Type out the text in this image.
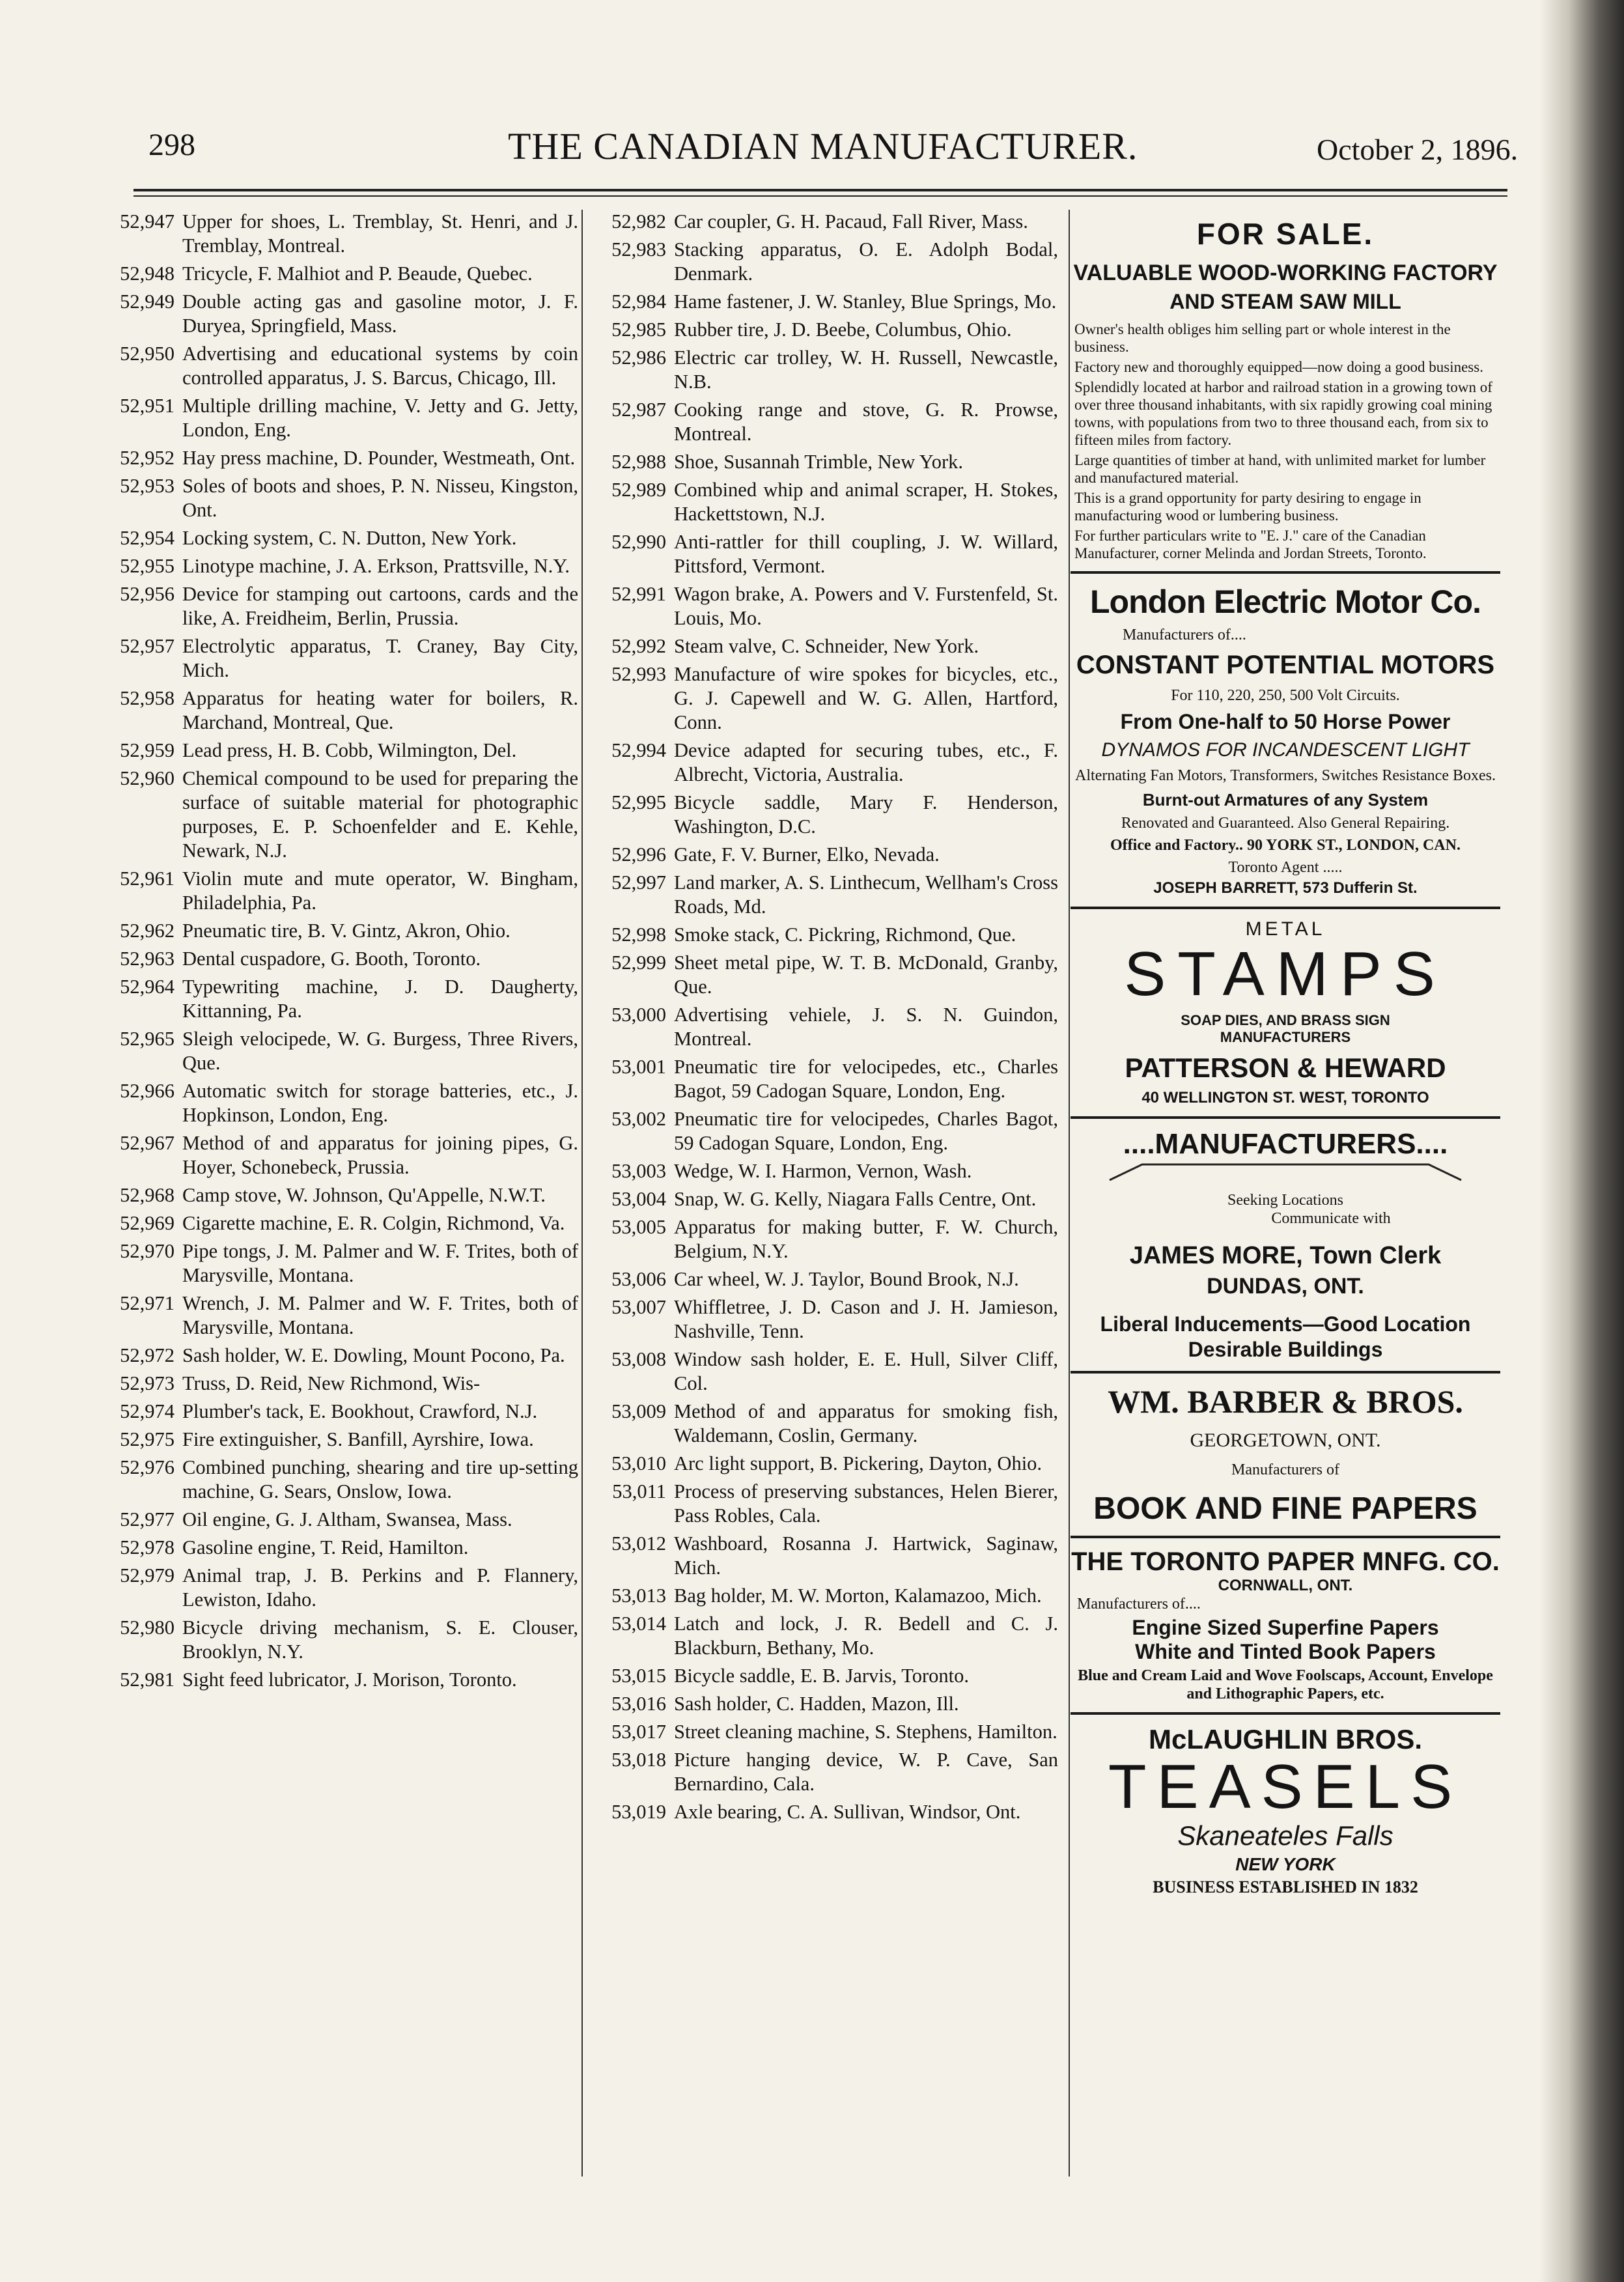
298	THE CANADIAN MANUFACTURER.	October 2, 1896.
52,947 Upper for shoes, L. Tremblay, St. Henri, and J. Tremblay, Montreal.
52,948 Tricycle, F. Malhiot and P. Beaude, Quebec.
52,949 Double acting gas and gasoline motor, J. F. Duryea, Springfield, Mass.
52,950 Advertising and educational systems by coin controlled apparatus, J. S. Barcus, Chicago, Ill.
52,951 Multiple drilling machine, V. Jetty and G. Jetty, London, Eng.
52,952 Hay press machine, D. Pounder, Westmeath, Ont.
52,953 Soles of boots and shoes, P. N. Nisseu, Kingston, Ont.
52,954 Locking system, C. N. Dutton, New York.
52,955 Linotype machine, J. A. Erkson, Prattsville, N.Y.
52,956 Device for stamping out cartoons, cards and the like, A. Freidheim, Berlin, Prussia.
52,957 Electrolytic apparatus, T. Craney, Bay City, Mich.
52,958 Apparatus for heating water for boilers, R. Marchand, Montreal, Que.
52,959 Lead press, H. B. Cobb, Wilmington, Del.
52,960 Chemical compound to be used for preparing the surface of suitable material for photographic purposes, E. P. Schoenfelder and E. Kehle, Newark, N.J.
52,961 Violin mute and mute operator, W. Bingham, Philadelphia, Pa.
52,962 Pneumatic tire, B. V. Gintz, Akron, Ohio.
52,963 Dental cuspadore, G. Booth, Toronto.
52,964 Typewriting machine, J. D. Daugherty, Kittanning, Pa.
52,965 Sleigh velocipede, W. G. Burgess, Three Rivers, Que.
52,966 Automatic switch for storage batteries, etc., J. Hopkinson, London, Eng.
52,967 Method of and apparatus for joining pipes, G. Hoyer, Schonebeck, Prussia.
52,968 Camp stove, W. Johnson, Qu'Appelle, N.W.T.
52,969 Cigarette machine, E. R. Colgin, Richmond, Va.
52,970 Pipe tongs, J. M. Palmer and W. F. Trites, both of Marysville, Montana.
52,971 Wrench, J. M. Palmer and W. F. Trites, both of Marysville, Montana.
52,972 Sash holder, W. E. Dowling, Mount Pocono, Pa.
52,973 Truss, D. Reid, New Richmond, Wis-
52,974 Plumber's tack, E. Bookhout, Crawford, N.J.
52,975 Fire extinguisher, S. Banfill, Ayrshire, Iowa.
52,976 Combined punching, shearing and tire up-setting machine, G. Sears, Onslow, Iowa.
52,977 Oil engine, G. J. Altham, Swansea, Mass.
52,978 Gasoline engine, T. Reid, Hamilton.
52,979 Animal trap, J. B. Perkins and P. Flannery, Lewiston, Idaho.
52,980 Bicycle driving mechanism, S. E. Clouser, Brooklyn, N.Y.
52,981 Sight feed lubricator, J. Morison, Toronto.
52,982 Car coupler, G. H. Pacaud, Fall River, Mass.
52,983 Stacking apparatus, O. E. Adolph Bodal, Denmark.
52,984 Hame fastener, J. W. Stanley, Blue Springs, Mo.
52,985 Rubber tire, J. D. Beebe, Columbus, Ohio.
52,986 Electric car trolley, W. H. Russell, Newcastle, N.B.
52,987 Cooking range and stove, G. R. Prowse, Montreal.
52,988 Shoe, Susannah Trimble, New York.
52,989 Combined whip and animal scraper, H. Stokes, Hackettstown, N.J.
52,990 Anti-rattler for thill coupling, J. W. Willard, Pittsford, Vermont.
52,991 Wagon brake, A. Powers and V. Furstenfeld, St. Louis, Mo.
52,992 Steam valve, C. Schneider, New York.
52,993 Manufacture of wire spokes for bicycles, etc., G. J. Capewell and W. G. Allen, Hartford, Conn.
52,994 Device adapted for securing tubes, etc., F. Albrecht, Victoria, Australia.
52,995 Bicycle saddle, Mary F. Henderson, Washington, D.C.
52,996 Gate, F. V. Burner, Elko, Nevada.
52,997 Land marker, A. S. Linthecum, Wellham's Cross Roads, Md.
52,998 Smoke stack, C. Pickring, Richmond, Que.
52,999 Sheet metal pipe, W. T. B. McDonald, Granby, Que.
53,000 Advertising vehiele, J. S. N. Guindon, Montreal.
53,001 Pneumatic tire for velocipedes, etc., Charles Bagot, 59 Cadogan Square, London, Eng.
53,002 Pneumatic tire for velocipedes, Charles Bagot, 59 Cadogan Square, London, Eng.
53,003 Wedge, W. I. Harmon, Vernon, Wash.
53,004 Snap, W. G. Kelly, Niagara Falls Centre, Ont.
53,005 Apparatus for making butter, F. W. Church, Belgium, N.Y.
53,006 Car wheel, W. J. Taylor, Bound Brook, N.J.
53,007 Whiffletree, J. D. Cason and J. H. Jamieson, Nashville, Tenn.
53,008 Window sash holder, E. E. Hull, Silver Cliff, Col.
53,009 Method of and apparatus for smoking fish, Waldemann, Coslin, Germany.
53,010 Arc light support, B. Pickering, Dayton, Ohio.
53,011 Process of preserving substances, Helen Bierer, Pass Robles, Cala.
53,012 Washboard, Rosanna J. Hartwick, Saginaw, Mich.
53,013 Bag holder, M. W. Morton, Kalamazoo, Mich.
53,014 Latch and lock, J. R. Bedell and C. J. Blackburn, Bethany, Mo.
53,015 Bicycle saddle, E. B. Jarvis, Toronto.
53,016 Sash holder, C. Hadden, Mazon, Ill.
53,017 Street cleaning machine, S. Stephens, Hamilton.
53,018 Picture hanging device, W. P. Cave, San Bernardino, Cala.
53,019 Axle bearing, C. A. Sullivan, Windsor, Ont.

FOR SALE.

VALUABLE WOOD-WORKING FACTORY

AND STEAM SAW MILL

Owner's health obliges him selling part or whole interest in the business.

Factory new and thoroughly equipped—now doing a good business.

Splendidly located at harbor and railroad station in a growing town of over three thousand inhabitants, with six rapidly growing coal mining towns, with populations from two to three thousand each, from six to fifteen miles from factory.

Large quantities of timber at hand, with unlimited market for lumber and manufactured material.

This is a grand opportunity for party desiring to engage in manufacturing wood or lumbering business.

For further particulars write to "E. J." care of the Canadian Manufacturer, corner Melinda and Jordan Streets, Toronto.

London Electric Motor Co.

Manufacturers of....

CONSTANT POTENTIAL MOTORS

For 110, 220, 250, 500 Volt Circuits.

From One-half to 50 Horse Power

DYNAMOS FOR INCANDESCENT LIGHT

Alternating Fan Motors, Transformers, Switches Resistance Boxes.

Burnt-out Armatures of any System

Renovated and Guaranteed. Also General Repairing.

Office and Factory.. 90 YORK ST., LONDON, CAN.

Toronto Agent .....

JOSEPH BARRETT, 573 Dufferin St.

METAL

STAMPS

SOAP DIES, AND BRASS SIGN

MANUFACTURERS

PATTERSON & HEWARD

40 WELLINGTON ST. WEST, TORONTO

....MANUFACTURERS....

Seeking Locations

Communicate with

JAMES MORE, Town Clerk

DUNDAS, ONT.

Liberal Inducements—Good Location

Desirable Buildings

WM. BARBER & BROS.

GEORGETOWN, ONT.

Manufacturers of

BOOK AND FINE PAPERS

THE TORONTO PAPER MNFG. CO.

CORNWALL, ONT.

Manufacturers of....

Engine Sized Superfine Papers

White and Tinted Book Papers

Blue and Cream Laid and Wove Foolscaps, Account, Envelope and Lithographic Papers, etc.

McLAUGHLIN BROS.

TEASELS

Skaneateles Falls

NEW YORK

BUSINESS ESTABLISHED IN 1832
